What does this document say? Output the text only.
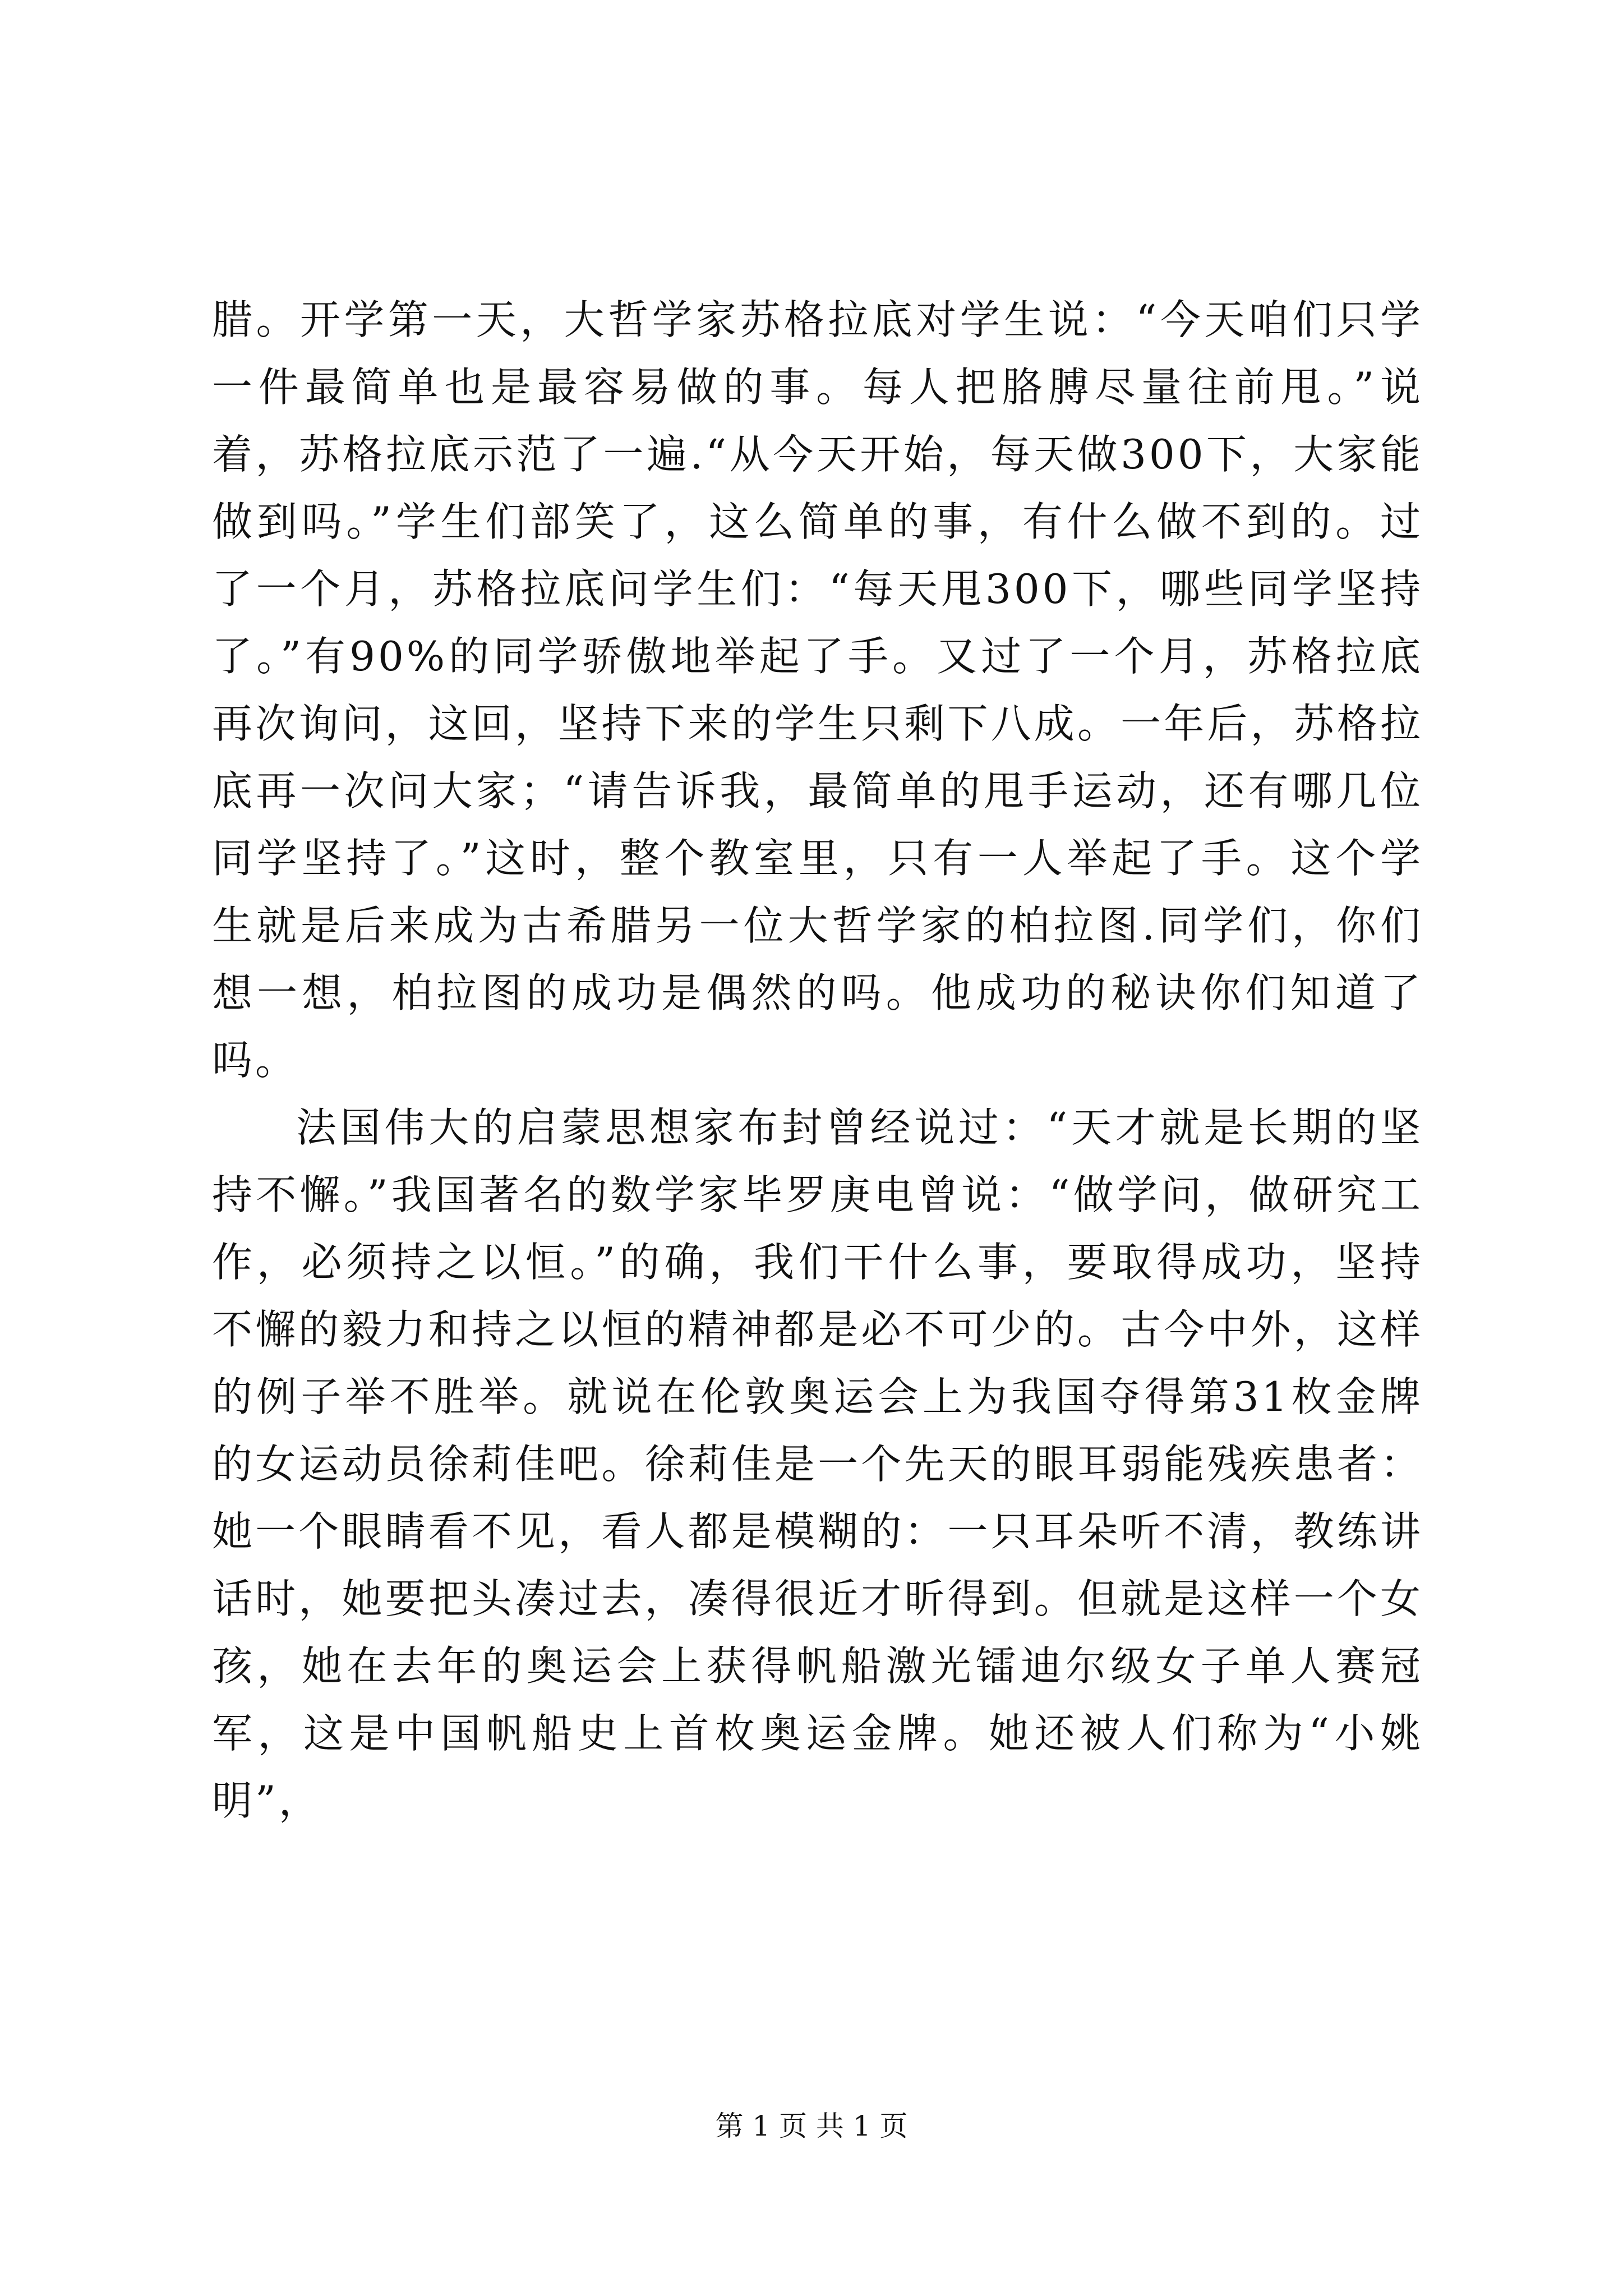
腊。开学第一天，大哲学家苏格拉底对学生说：“今天咱们只学一件最简单也是最容易做的事。每人把胳膊尽量往前甩。”说着，苏格拉底示范了一遍.“从今天开始，每天做300下，大家能做到吗。”学生们部笑了，这么简单的事，有什么做不到的。过了一个月，苏格拉底问学生们：“每天甩300下，哪些同学坚持了。”有90%的同学骄傲地举起了手。又过了一个月，苏格拉底再次询问，这回，坚持下来的学生只剩下八成。一年后，苏格拉底再一次问大家；“请告诉我，最简单的甩手运动，还有哪几位同学坚持了。”这时，整个教室里，只有一人举起了手。这个学生就是后来成为古希腊另一位大哲学家的柏拉图.同学们，你们想一想，柏拉图的成功是偶然的吗。他成功的秘诀你们知道了吗。

法国伟大的启蒙思想家布封曾经说过：“天才就是长期的坚持不懈。”我国著名的数学家毕罗庚电曾说：“做学问，做研究工作，必须持之以恒。”的确，我们干什么事，要取得成功，坚持不懈的毅力和持之以恒的精神都是必不可少的。古今中外，这样的例子举不胜举。就说在伦敦奥运会上为我国夺得第31枚金牌的女运动员徐莉佳吧。徐莉佳是一个先天的眼耳弱能残疾患者：她一个眼睛看不见，看人都是模糊的：一只耳朵听不清，教练讲话时，她要把头凑过去，凑得很近才昕得到。但就是这样一个女孩，她在去年的奥运会上获得帆船激光镭迪尔级女子单人赛冠军，这是中国帆船史上首枚奥运金牌。她还被人们称为“小姚明”，

第 1 页 共 1 页
